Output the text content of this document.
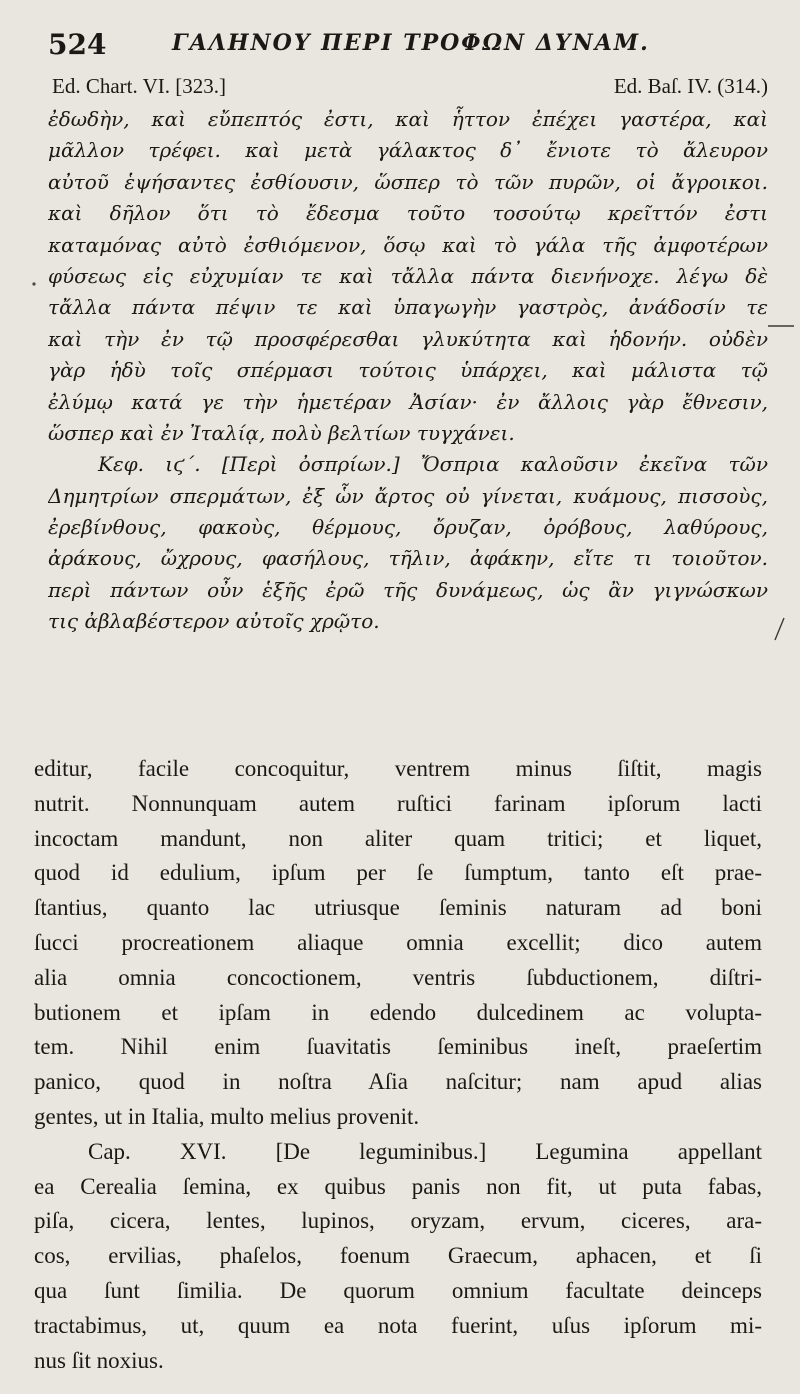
524	ΓΑΛΗΝΟΥ ΠΕΡΙ ΤΡΟΦΩΝ ΔΥΝΑΜ.
Ed. Chart. VI. [323.]	Ed. Baſ. IV. (314.)
ἐδωδὴν, καὶ εὔπεπτός ἐστι, καὶ ἧττον ἐπέχει γαστέρα, καὶ
μᾶλλον τρέφει. καὶ μετὰ γάλακτος δ᾽ ἔνιοτε τὸ ἄλευρον
αὐτοῦ ἑψήσαντες ἐσθίουσιν, ὥσπερ τὸ τῶν πυρῶν, οἱ ἄγροικοι.
καὶ δῆλον ὅτι τὸ ἔδεσμα τοῦτο τοσούτῳ κρεῖττόν ἐστι
καταμόνας αὐτὸ ἐσθιόμενον, ὅσῳ καὶ τὸ γάλα τῆς ἀμφοτέρων
φύσεως εἰς εὐχυμίαν τε καὶ τἄλλα πάντα διενήνοχε. λέγω δὲ
τἄλλα πάντα πέψιν τε καὶ ὑπαγωγὴν γαστρὸς, ἀνάδοσίν τε
καὶ τὴν ἐν τῷ προσφέρεσθαι γλυκύτητα καὶ ἡδονήν. οὐδὲν
γὰρ ἡδὺ τοῖς σπέρμασι τούτοις ὑπάρχει, καὶ μάλιστα τῷ
ἐλύμῳ κατά γε τὴν ἡμετέραν Ἀσίαν· ἐν ἄλλοις γὰρ ἔθνεσιν,
ὥσπερ καὶ ἐν Ἰταλίᾳ, πολὺ βελτίων τυγχάνει.
Κεφ. ιϛ΄. [Περὶ ὀσπρίων.] Ὄσπρια καλοῦσιν ἐκεῖνα τῶν
Δημητρίων σπερμάτων, ἐξ ὧν ἄρτος οὐ γίνεται, κυάμους, πισσοὺς,
ἐρεβίνθους, φακοὺς, θέρμους, ὄρυζαν, ὀρόβους, λαθύρους,
ἀράκους, ὤχρους, φασήλους, τῆλιν, ἀφάκην, εἴτε τι τοιοῦτον.
περὶ πάντων οὖν ἑξῆς ἐρῶ τῆς δυνάμεως, ὡς ἂν γιγνώσκων
τις ἀβλαβέστερον αὐτοῖς χρῷτο.
editur, facile concoquitur, ventrem minus ſiſtit, magis
nutrit. Nonnunquam autem ruſtici farinam ipſorum lacti
incoctam mandunt, non aliter quam tritici; et liquet,
quod id edulium, ipſum per ſe ſumptum, tanto eſt prae-
ſtantius, quanto lac utriusque ſeminis naturam ad boni
ſucci procreationem aliaque omnia excellit; dico autem
alia omnia concoctionem, ventris ſubductionem, diſtri-
butionem et ipſam in edendo dulcedinem ac volupta-
tem. Nihil enim ſuavitatis ſeminibus ineſt, praeſertim
panico, quod in noſtra Aſia naſcitur; nam apud alias
gentes, ut in Italia, multo melius provenit.
Cap. XVI. [De leguminibus.] Legumina appellant
ea Cerealia ſemina, ex quibus panis non fit, ut puta fabas,
piſa, cicera, lentes, lupinos, oryzam, ervum, ciceres, ara-
cos, ervilias, phaſelos, foenum Graecum, aphacen, et ſi
qua ſunt ſimilia. De quorum omnium facultate deinceps
tractabimus, ut, quum ea nota fuerint, uſus ipſorum mi-
nus ſit noxius.
